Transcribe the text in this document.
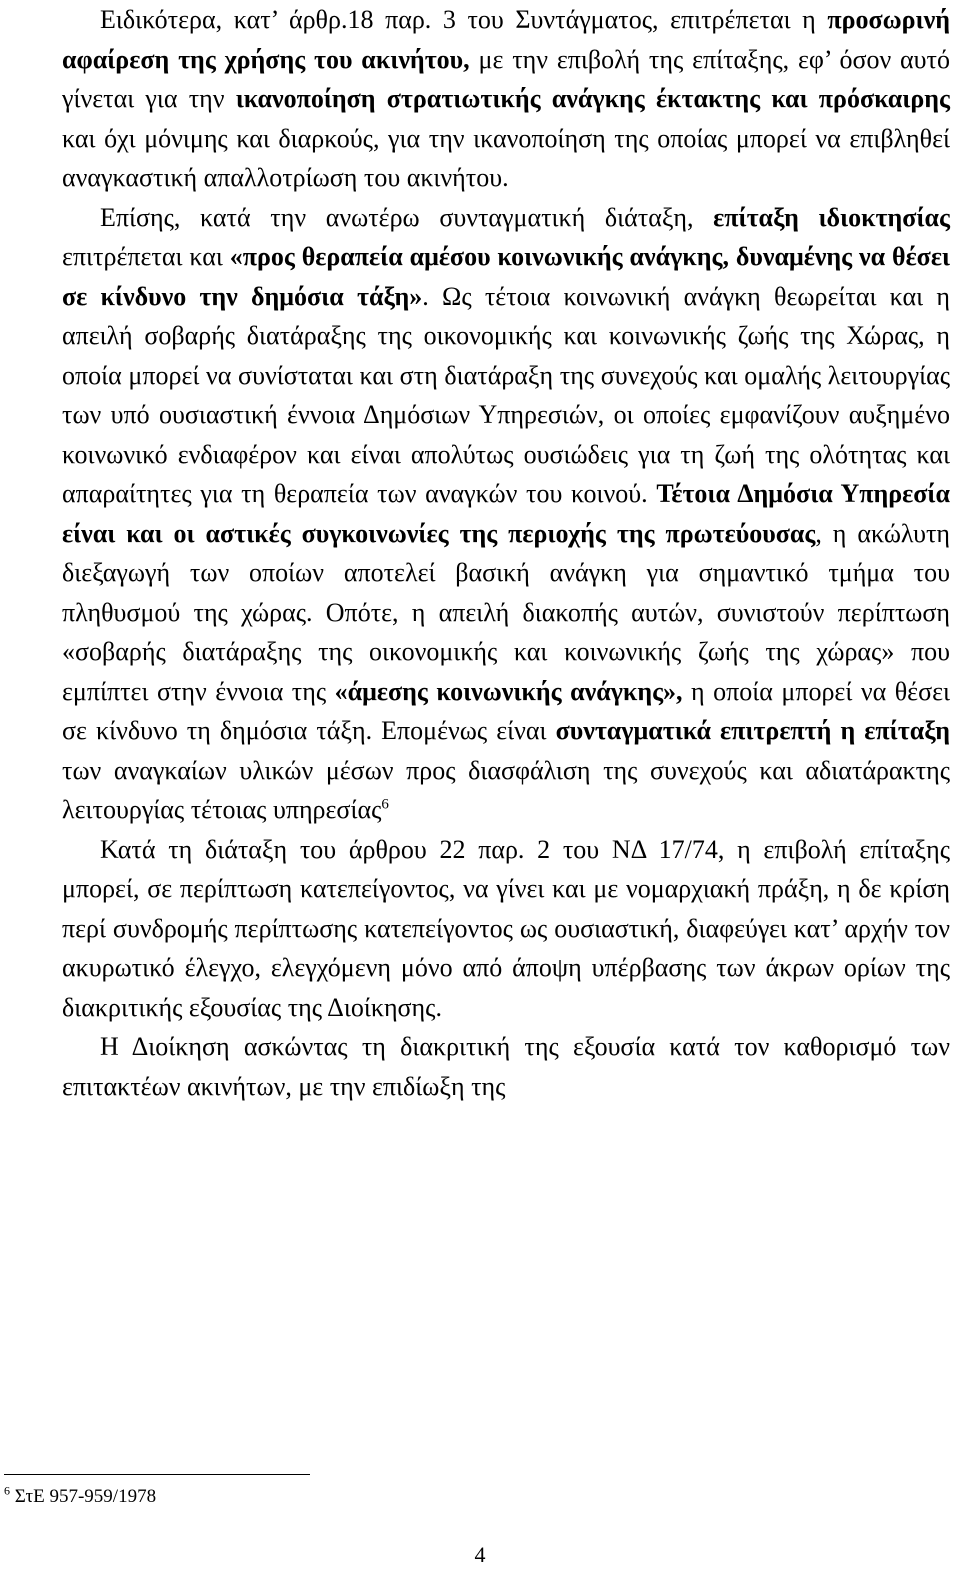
Ειδικότερα, κατ’ άρθρ.18 παρ. 3 του Συντάγματος, επιτρέπεται η προσωρινή αφαίρεση της χρήσης του ακινήτου, με την επιβολή της επίταξης, εφ’ όσον αυτό γίνεται για την ικανοποίηση στρατιωτικής ανάγκης έκτακτης και πρόσκαιρης και όχι μόνιμης και διαρκούς, για την ικανοποίηση της οποίας μπορεί να επιβληθεί αναγκαστική απαλλοτρίωση του ακινήτου.

Επίσης, κατά την ανωτέρω συνταγματική διάταξη, επίταξη ιδιοκτησίας επιτρέπεται και «προς θεραπεία αμέσου κοινωνικής ανάγκης, δυναμένης να θέσει σε κίνδυνο την δημόσια τάξη». Ως τέτοια κοινωνική ανάγκη θεωρείται και η απειλή σοβαρής διατάραξης της οικονομικής και κοινωνικής ζωής της Χώρας, η οποία μπορεί να συνίσταται και στη διατάραξη της συνεχούς και ομαλής λειτουργίας των υπό ουσιαστική έννοια Δημόσιων Υπηρεσιών, οι οποίες εμφανίζουν αυξημένο κοινωνικό ενδιαφέρον και είναι απολύτως ουσιώδεις για τη ζωή της ολότητας και απαραίτητες για τη θεραπεία των αναγκών του κοινού. Τέτοια Δημόσια Υπηρεσία είναι και οι αστικές συγκοινωνίες της περιοχής της πρωτεύουσας, η ακώλυτη διεξαγωγή των οποίων αποτελεί βασική ανάγκη για σημαντικό τμήμα του πληθυσμού της χώρας. Οπότε, η απειλή διακοπής αυτών, συνιστούν περίπτωση «σοβαρής διατάραξης της οικονομικής και κοινωνικής ζωής της χώρας» που εμπίπτει στην έννοια της «άμεσης κοινωνικής ανάγκης», η οποία μπορεί να θέσει σε κίνδυνο τη δημόσια τάξη. Επομένως είναι συνταγματικά επιτρεπτή η επίταξη των αναγκαίων υλικών μέσων προς διασφάλιση της συνεχούς και αδιατάρακτης λειτουργίας τέτοιας υπηρεσίας$^6$

Κατά τη διάταξη του άρθρου 22 παρ. 2 του ΝΔ 17/74, η επιβολή επίταξης μπορεί, σε περίπτωση κατεπείγοντος, να γίνει και με νομαρχιακή πράξη, η δε κρίση περί συνδρομής περίπτωσης κατεπείγοντος ως ουσιαστική, διαφεύγει κατ’ αρχήν τον ακυρωτικό έλεγχο, ελεγχόμενη μόνο από άποψη υπέρβασης των άκρων ορίων της διακριτικής εξουσίας της Διοίκησης.

Η Διοίκηση ασκώντας τη διακριτική της εξουσία κατά τον καθορισμό των επιτακτέων ακινήτων, με την επιδίωξη της

$^6$ ΣτΕ 957-959/1978
4
